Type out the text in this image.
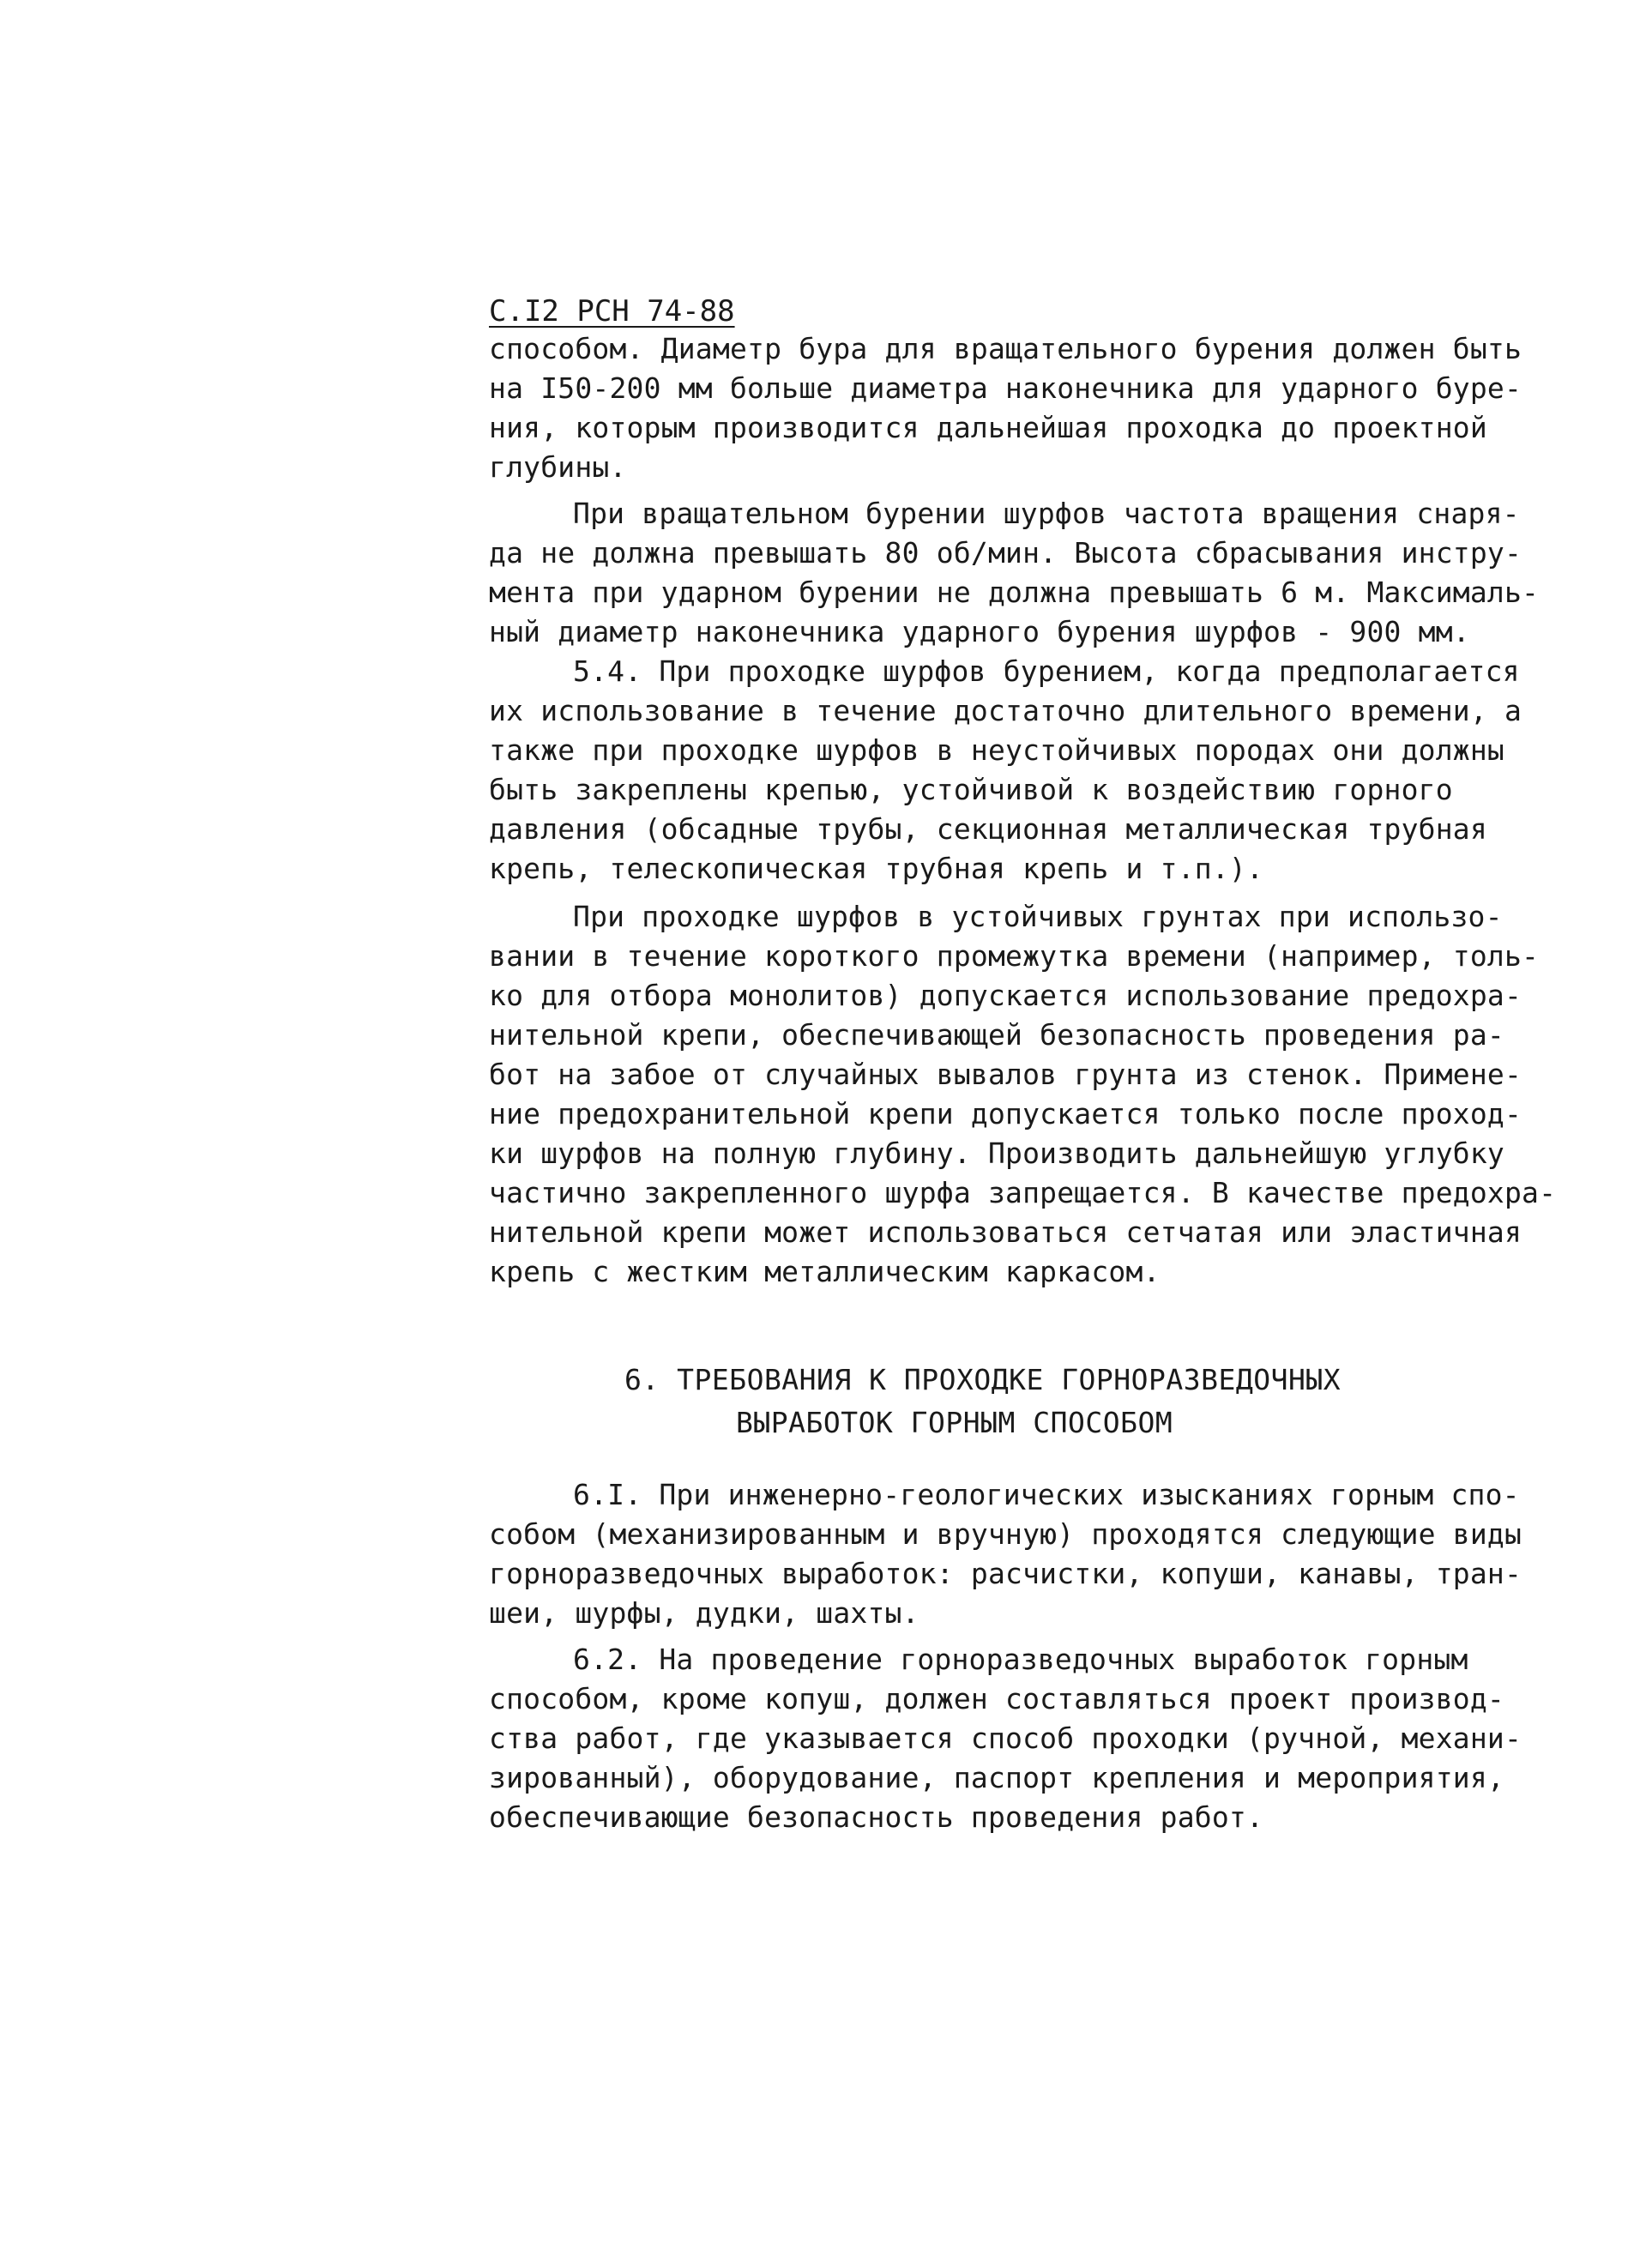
С.I2 РСН 74-88
способом. Диаметр бура для вращательного бурения должен быть
на I50-200 мм больше диаметра наконечника для ударного буре-
ния, которым производится дальнейшая проходка до проектной
глубины.
При вращательном бурении шурфов частота вращения снаря-
да не должна превышать 80 об/мин. Высота сбрасывания инстру-
мента при ударном бурении не должна превышать 6 м. Максималь-
ный диаметр наконечника ударного бурения шурфов - 900 мм.
5.4. При проходке шурфов бурением, когда предполагается
их использование в течение достаточно длительного времени, а
также при проходке шурфов в неустойчивых породах они должны
быть закреплены крепью, устойчивой к воздействию горного
давления (обсадные трубы, секционная металлическая трубная
крепь, телескопическая трубная крепь и т.п.).
При проходке шурфов в устойчивых грунтах при использо-
вании в течение короткого промежутка времени (например, толь-
ко для отбора монолитов) допускается использование предохра-
нительной крепи, обеспечивающей безопасность проведения ра-
бот на забое от случайных вывалов грунта из стенок. Примене-
ние предохранительной крепи допускается только после проход-
ки шурфов на полную глубину. Производить дальнейшую углубку
частично закрепленного шурфа запрещается. В качестве предохра-
нительной крепи может использоваться сетчатая или эластичная
крепь с жестким металлическим каркасом.
6. ТРЕБОВАНИЯ К ПРОХОДКЕ ГОРНОРАЗВЕДОЧНЫХ
ВЫРАБОТОК ГОРНЫМ СПОСОБОМ
6.I. При инженерно-геологических изысканиях горным спо-
собом (механизированным и вручную) проходятся следующие виды
горноразведочных выработок: расчистки, копуши, канавы, тран-
шеи, шурфы, дудки, шахты.
6.2. На проведение горноразведочных выработок горным
способом, кроме копуш, должен составляться проект производ-
ства работ, где указывается способ проходки (ручной, механи-
зированный), оборудование, паспорт крепления и мероприятия,
обеспечивающие безопасность проведения работ.
